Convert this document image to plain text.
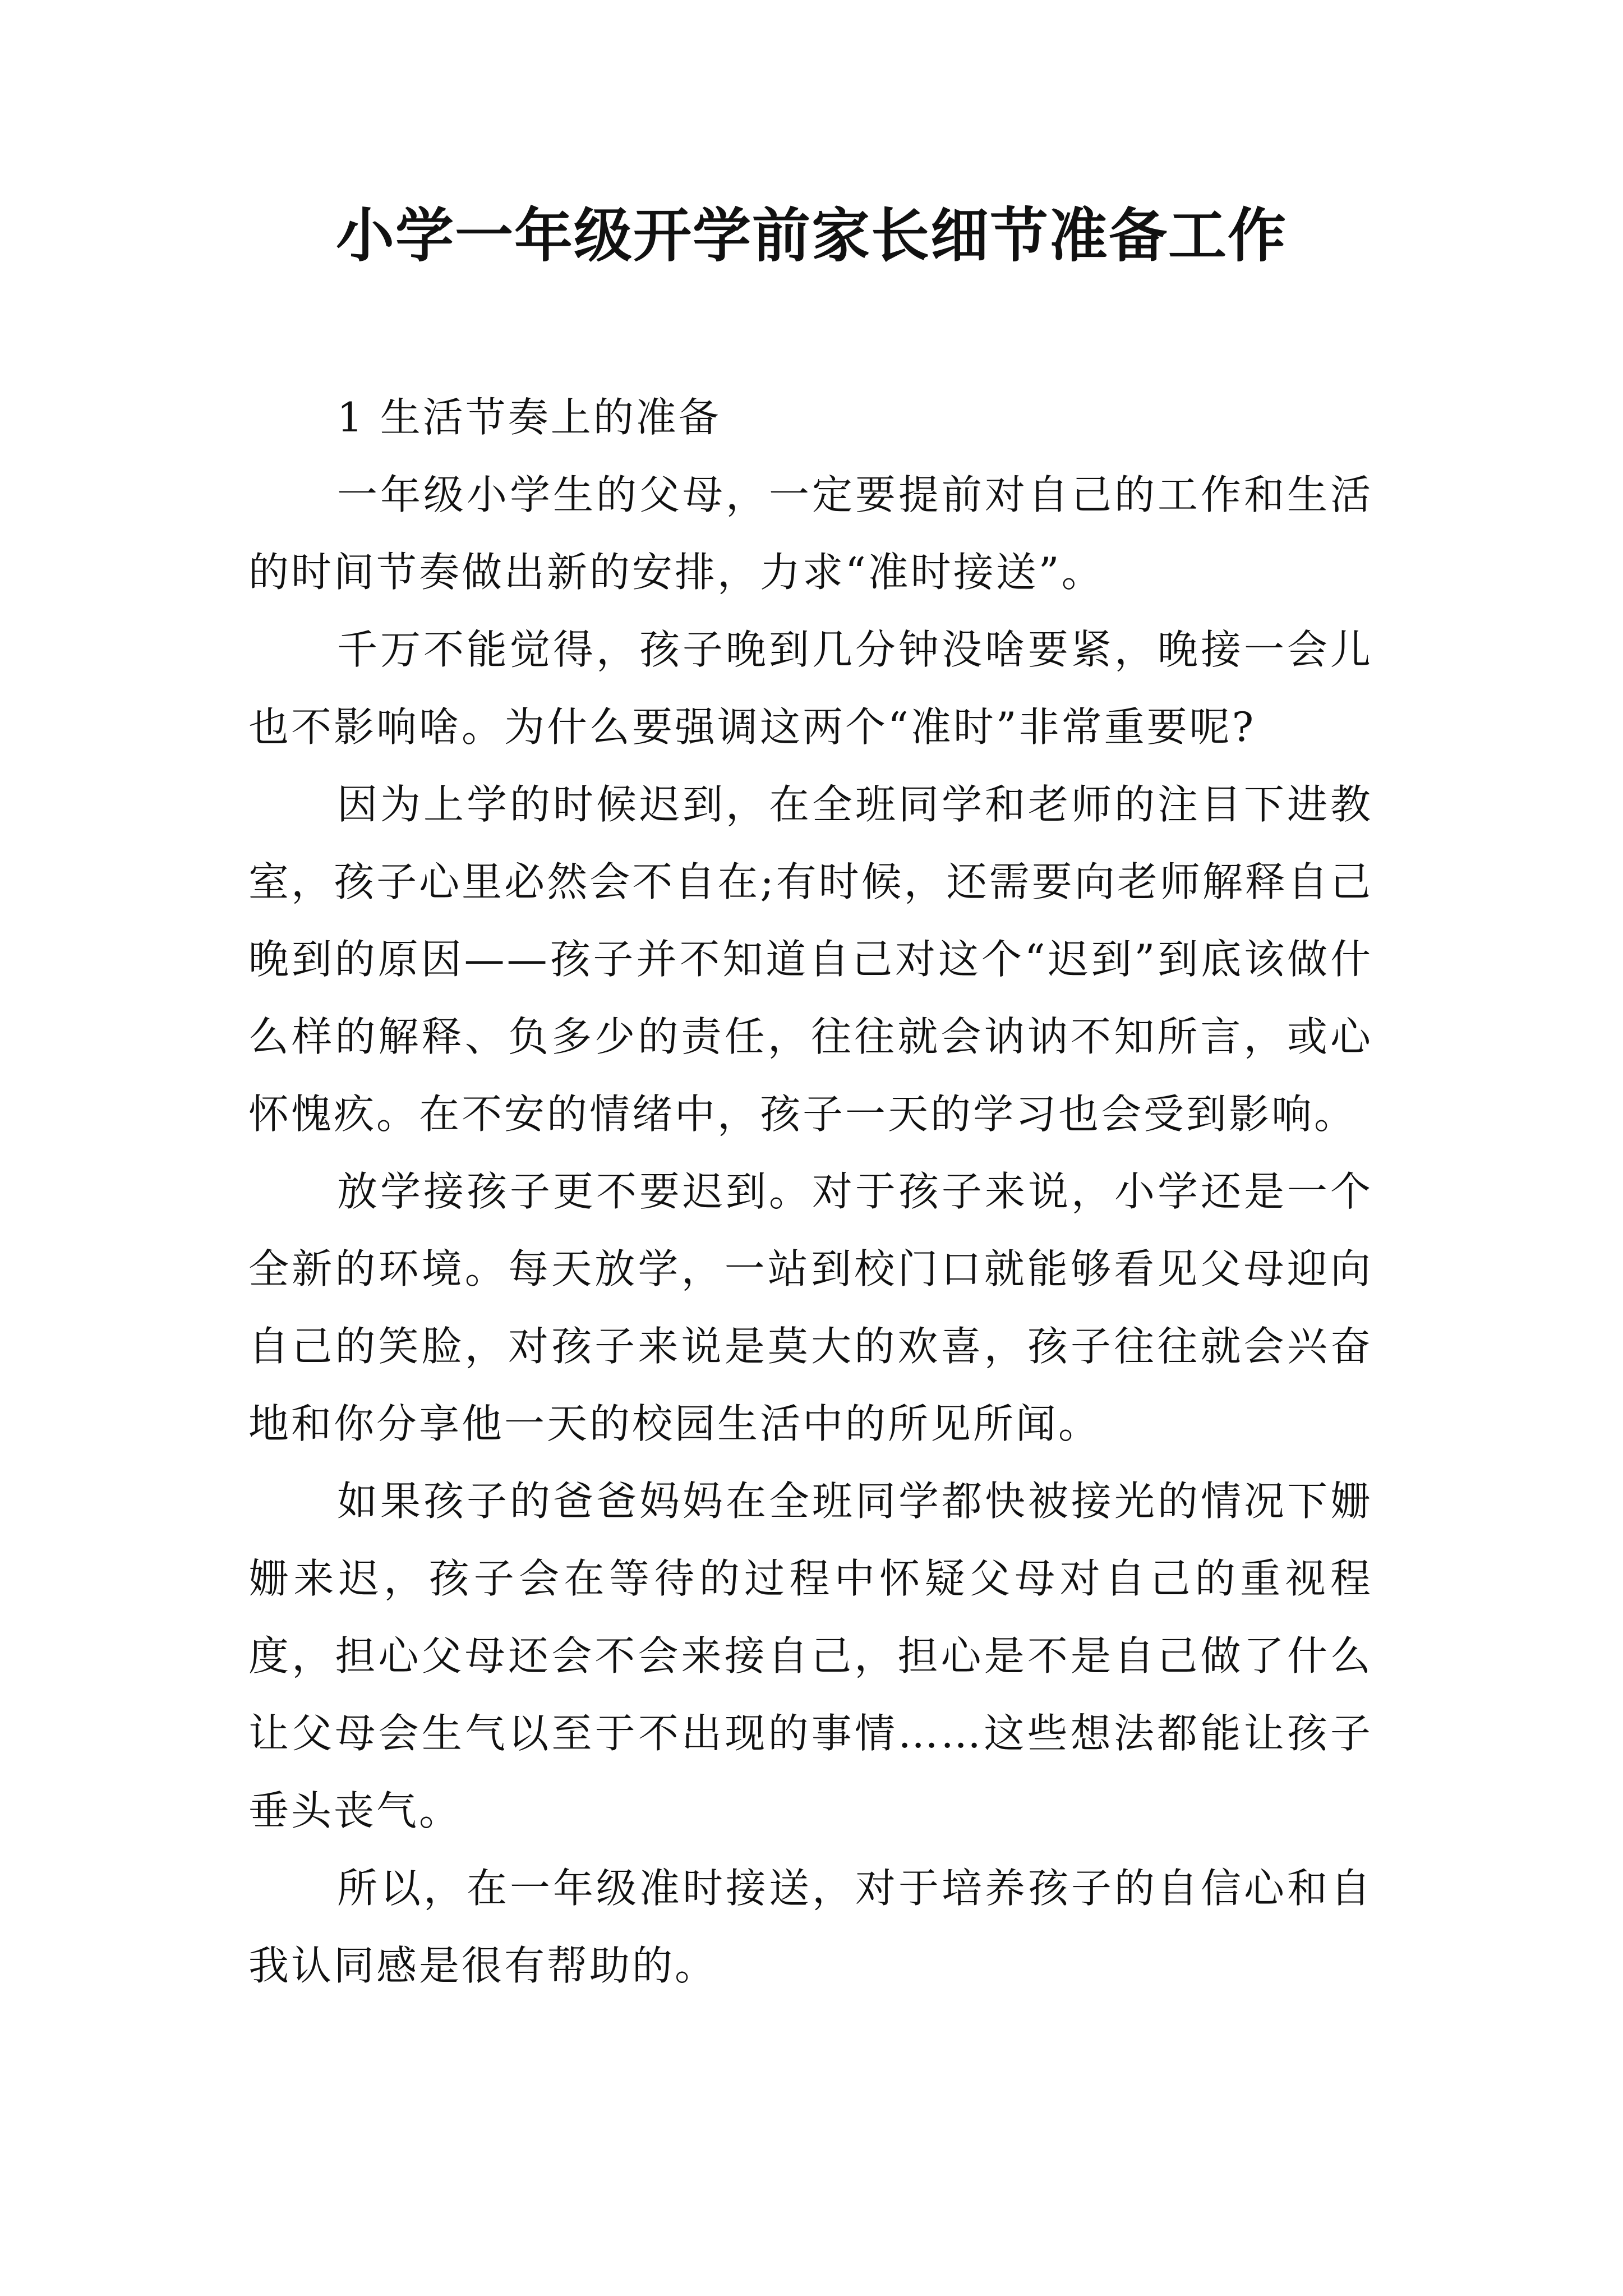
小学一年级开学前家长细节准备工作

1 生活节奏上的准备

一年级小学生的父母，一定要提前对自己的工作和生活的时间节奏做出新的安排，力求“准时接送”。

千万不能觉得，孩子晚到几分钟没啥要紧，晚接一会儿也不影响啥。为什么要强调这两个“准时”非常重要呢?

因为上学的时候迟到，在全班同学和老师的注目下进教室，孩子心里必然会不自在;有时候，还需要向老师解释自己晚到的原因——孩子并不知道自己对这个“迟到”到底该做什么样的解释、负多少的责任，往往就会讷讷不知所言，或心怀愧疚。在不安的情绪中，孩子一天的学习也会受到影响。

放学接孩子更不要迟到。对于孩子来说，小学还是一个全新的环境。每天放学，一站到校门口就能够看见父母迎向自己的笑脸，对孩子来说是莫大的欢喜，孩子往往就会兴奋地和你分享他一天的校园生活中的所见所闻。

如果孩子的爸爸妈妈在全班同学都快被接光的情况下姗姗来迟，孩子会在等待的过程中怀疑父母对自己的重视程度，担心父母还会不会来接自己，担心是不是自己做了什么让父母会生气以至于不出现的事情……这些想法都能让孩子垂头丧气。

所以，在一年级准时接送，对于培养孩子的自信心和自我认同感是很有帮助的。
